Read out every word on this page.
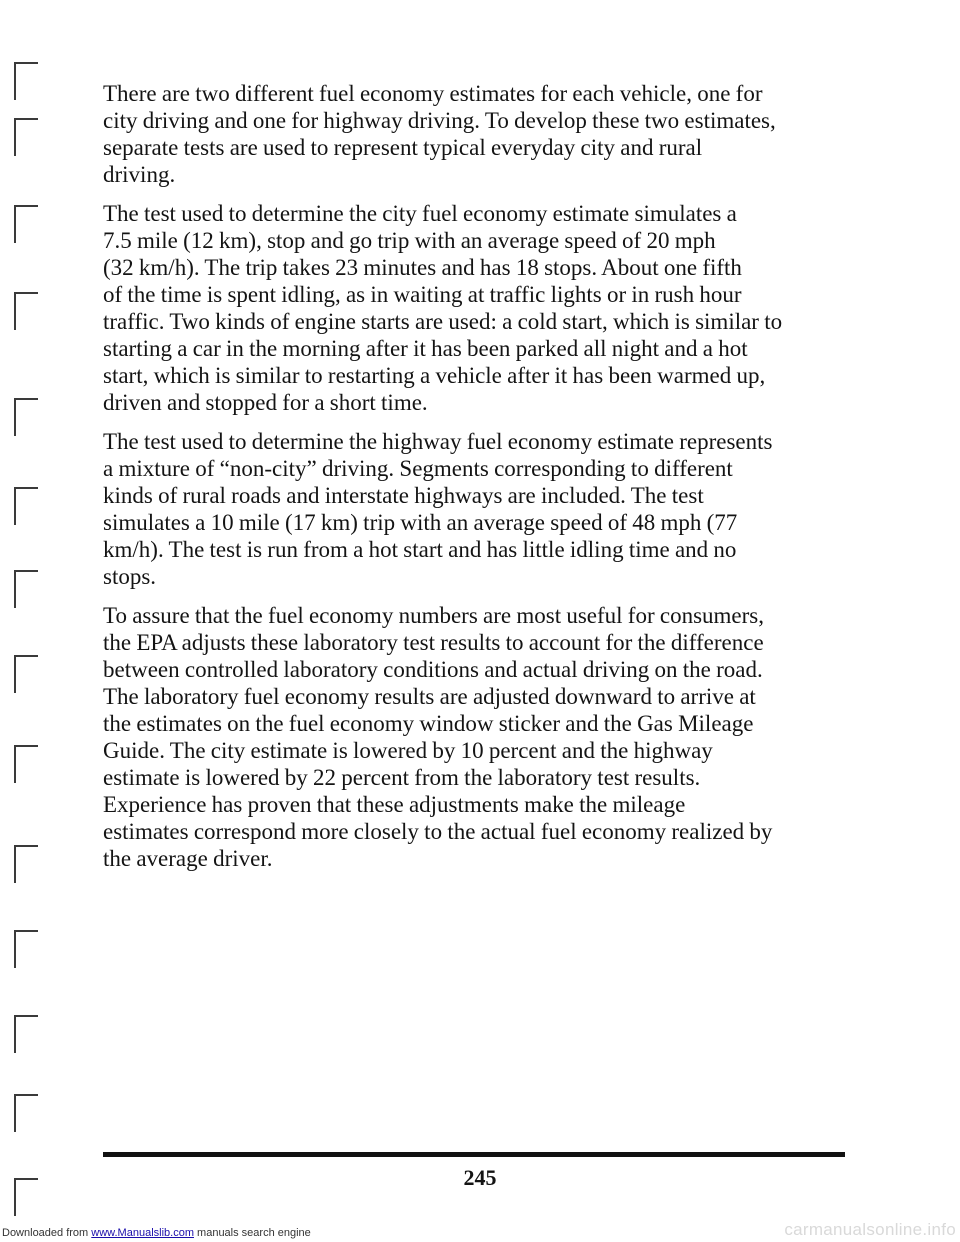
There are two different fuel economy estimates for each vehicle, one for
city driving and one for highway driving. To develop these two estimates,
separate tests are used to represent typical everyday city and rural
driving.

The test used to determine the city fuel economy estimate simulates a
7.5 mile (12 km), stop and go trip with an average speed of 20 mph
(32 km/h). The trip takes 23 minutes and has 18 stops. About one fifth
of the time is spent idling, as in waiting at traffic lights or in rush hour
traffic. Two kinds of engine starts are used: a cold start, which is similar to
starting a car in the morning after it has been parked all night and a hot
start, which is similar to restarting a vehicle after it has been warmed up,
driven and stopped for a short time.

The test used to determine the highway fuel economy estimate represents
a mixture of “non-city” driving. Segments corresponding to different
kinds of rural roads and interstate highways are included. The test
simulates a 10 mile (17 km) trip with an average speed of 48 mph (77
km/h). The test is run from a hot start and has little idling time and no
stops.

To assure that the fuel economy numbers are most useful for consumers,
the EPA adjusts these laboratory test results to account for the difference
between controlled laboratory conditions and actual driving on the road.
The laboratory fuel economy results are adjusted downward to arrive at
the estimates on the fuel economy window sticker and the Gas Mileage
Guide. The city estimate is lowered by 10 percent and the highway
estimate is lowered by 22 percent from the laboratory test results.
Experience has proven that these adjustments make the mileage
estimates correspond more closely to the actual fuel economy realized by
the average driver.

245
Downloaded from www.Manualslib.com manuals search engine	carmanualsonline.info
